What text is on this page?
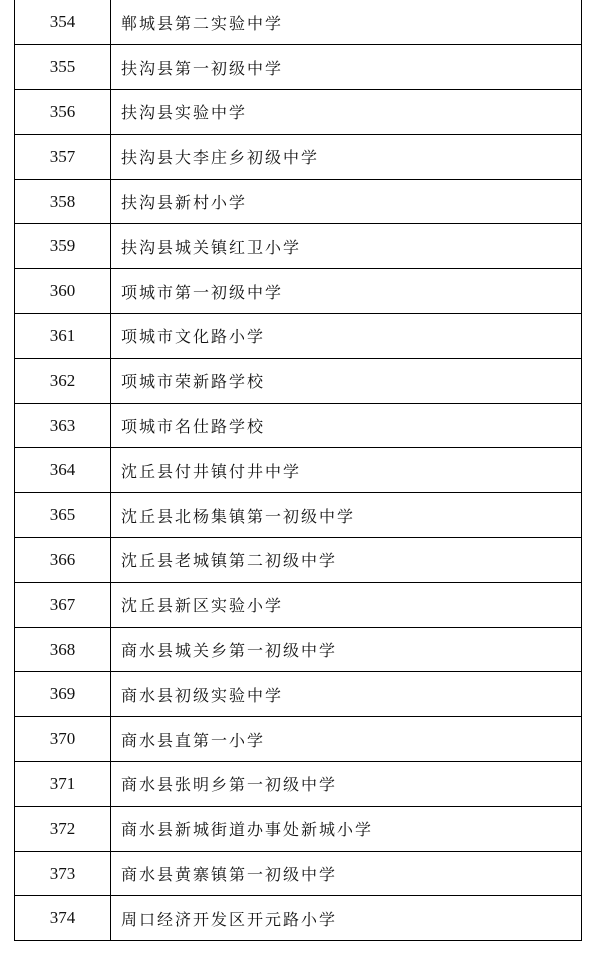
354	郸城县第二实验中学
355	扶沟县第一初级中学
356	扶沟县实验中学
357	扶沟县大李庄乡初级中学
358	扶沟县新村小学
359	扶沟县城关镇红卫小学
360	项城市第一初级中学
361	项城市文化路小学
362	项城市荣新路学校
363	项城市名仕路学校
364	沈丘县付井镇付井中学
365	沈丘县北杨集镇第一初级中学
366	沈丘县老城镇第二初级中学
367	沈丘县新区实验小学
368	商水县城关乡第一初级中学
369	商水县初级实验中学
370	商水县直第一小学
371	商水县张明乡第一初级中学
372	商水县新城街道办事处新城小学
373	商水县黄寨镇第一初级中学
374	周口经济开发区开元路小学
